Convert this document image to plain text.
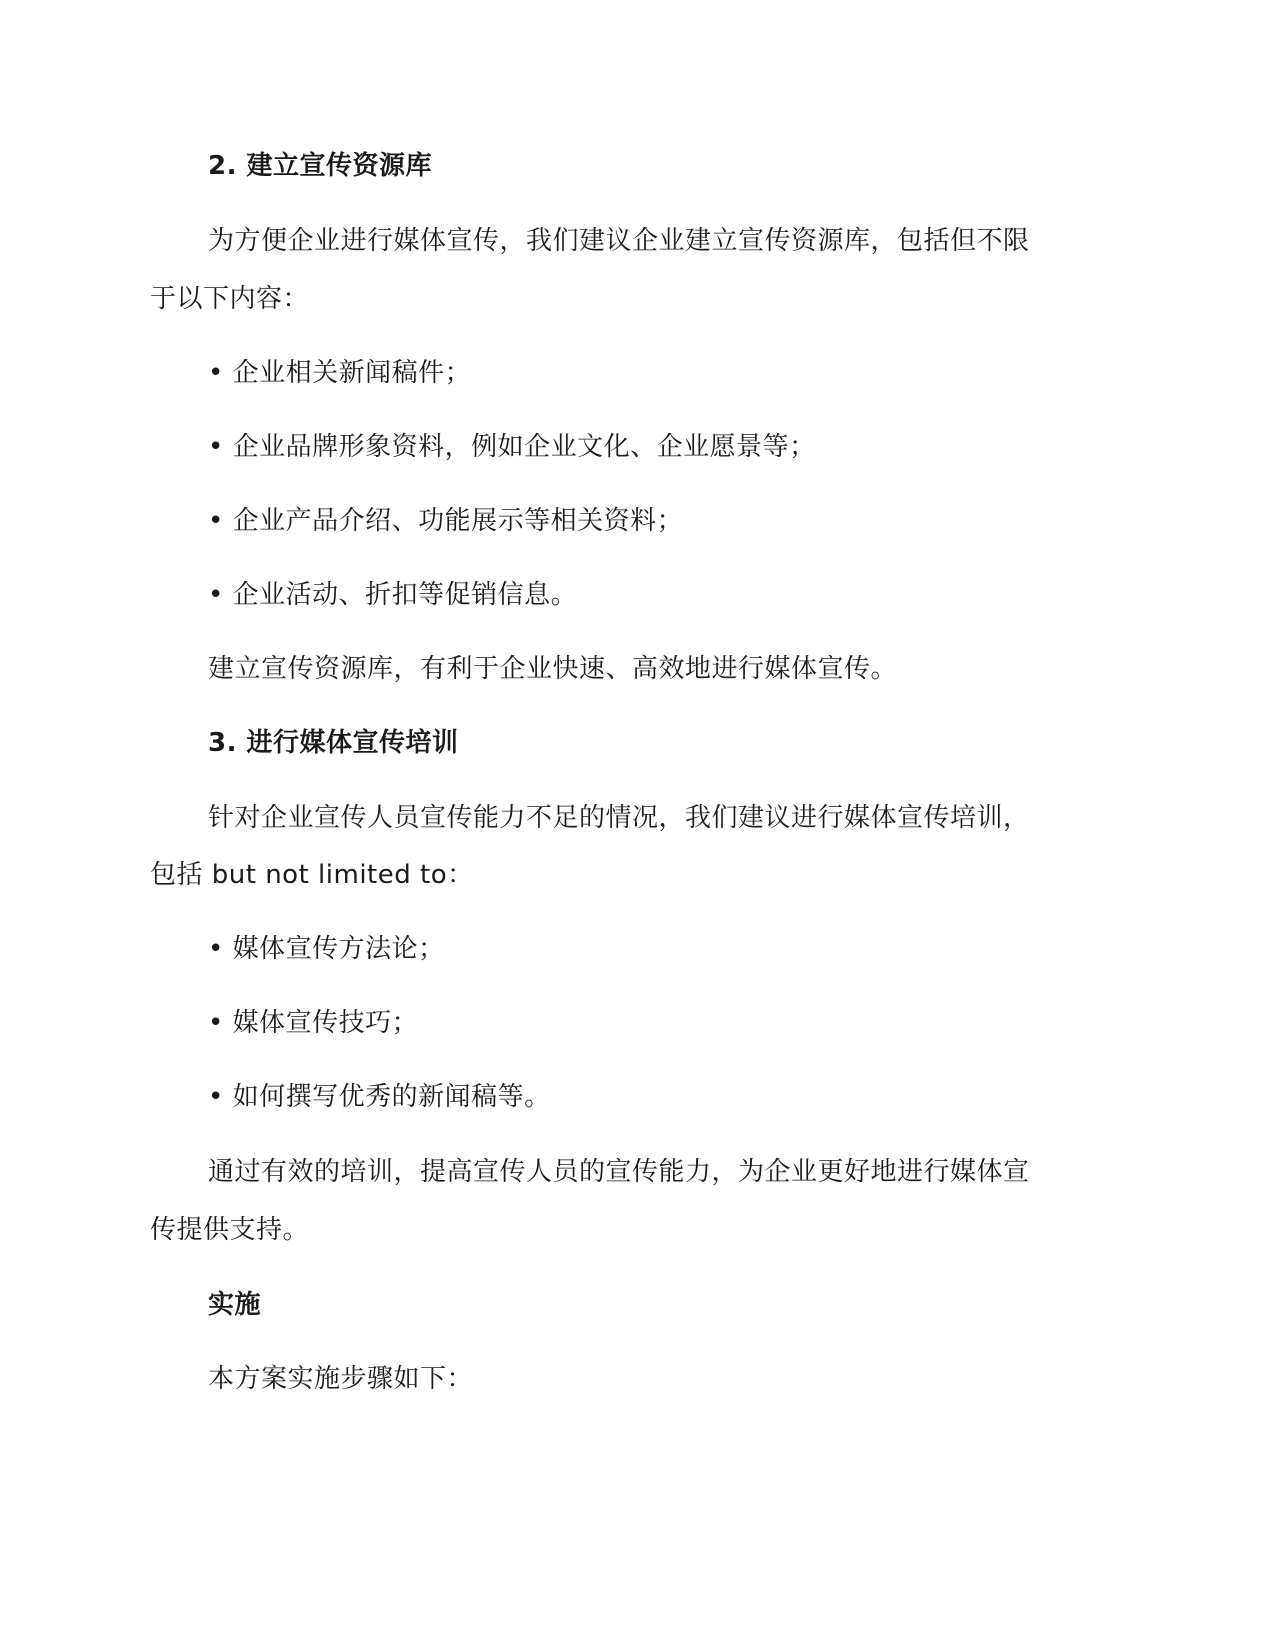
2. 建立宣传资源库
为方便企业进行媒体宣传，我们建议企业建立宣传资源库，包括但不限
于以下内容：
• 企业相关新闻稿件；
• 企业品牌形象资料，例如企业文化、企业愿景等；
• 企业产品介绍、功能展示等相关资料；
• 企业活动、折扣等促销信息。
建立宣传资源库，有利于企业快速、高效地进行媒体宣传。
3. 进行媒体宣传培训
针对企业宣传人员宣传能力不足的情况，我们建议进行媒体宣传培训，
包括 but not limited to：
• 媒体宣传方法论；
• 媒体宣传技巧；
• 如何撰写优秀的新闻稿等。
通过有效的培训，提高宣传人员的宣传能力，为企业更好地进行媒体宣
传提供支持。
实施
本方案实施步骤如下：
